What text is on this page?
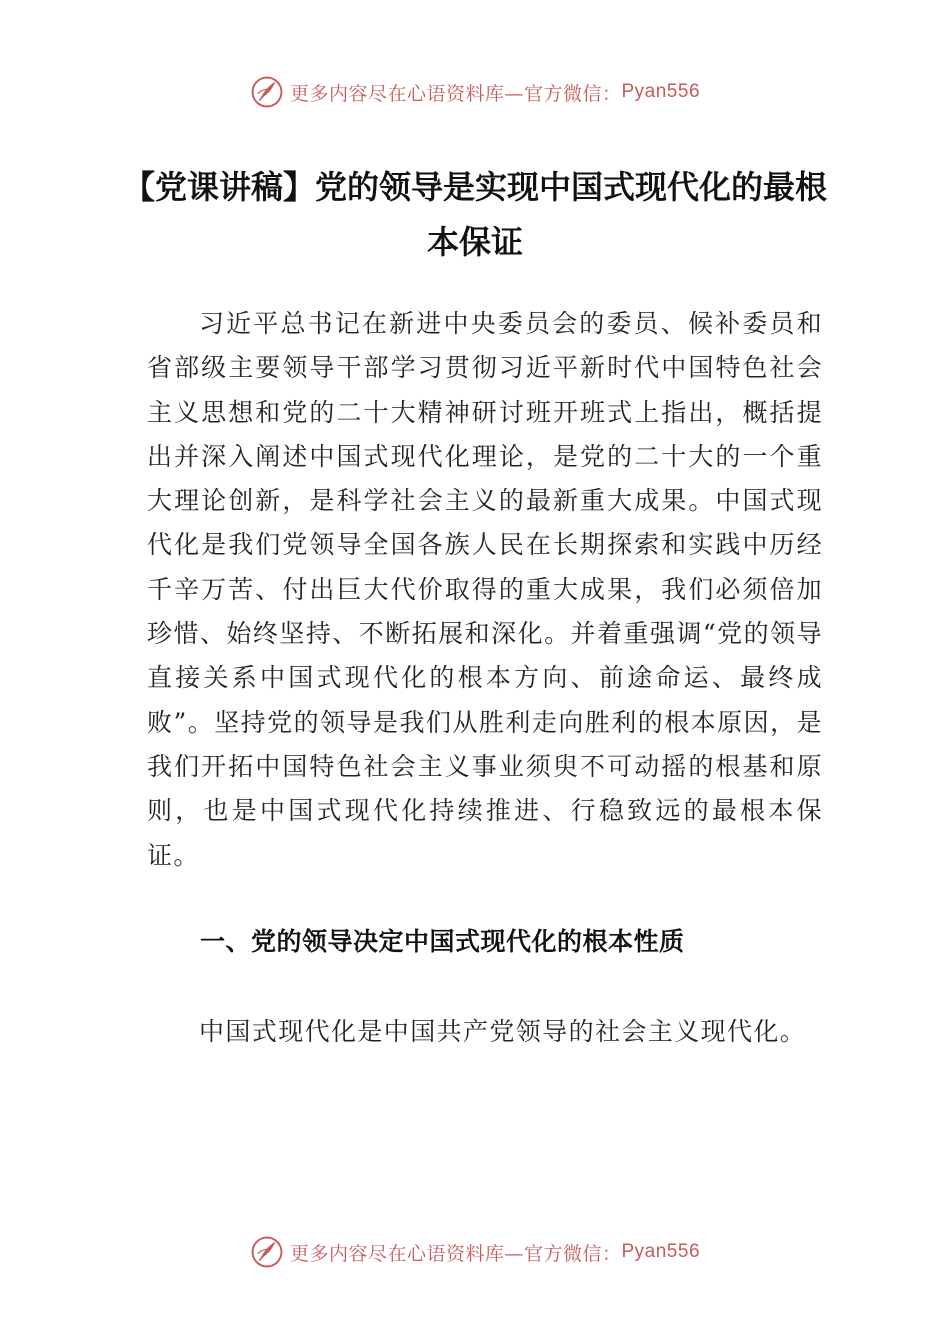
更多内容尽在心语资料库—官方微信： Pyan556
【党课讲稿】党的领导是实现中国式现代化的最根本保证

习近平总书记在新进中央委员会的委员、候补委员和省部级主要领导干部学习贯彻习近平新时代中国特色社会主义思想和党的二十大精神研讨班开班式上指出，概括提出并深入阐述中国式现代化理论，是党的二十大的一个重大理论创新，是科学社会主义的最新重大成果。中国式现代化是我们党领导全国各族人民在长期探索和实践中历经千辛万苦、付出巨大代价取得的重大成果，我们必须倍加珍惜、始终坚持、不断拓展和深化。并着重强调“党的领导直接关系中国式现代化的根本方向、前途命运、最终成败”。坚持党的领导是我们从胜利走向胜利的根本原因，是我们开拓中国特色社会主义事业须臾不可动摇的根基和原则，也是中国式现代化持续推进、行稳致远的最根本保证。

一、党的领导决定中国式现代化的根本性质

中国式现代化是中国共产党领导的社会主义现代化。

更多内容尽在心语资料库—官方微信： Pyan556
